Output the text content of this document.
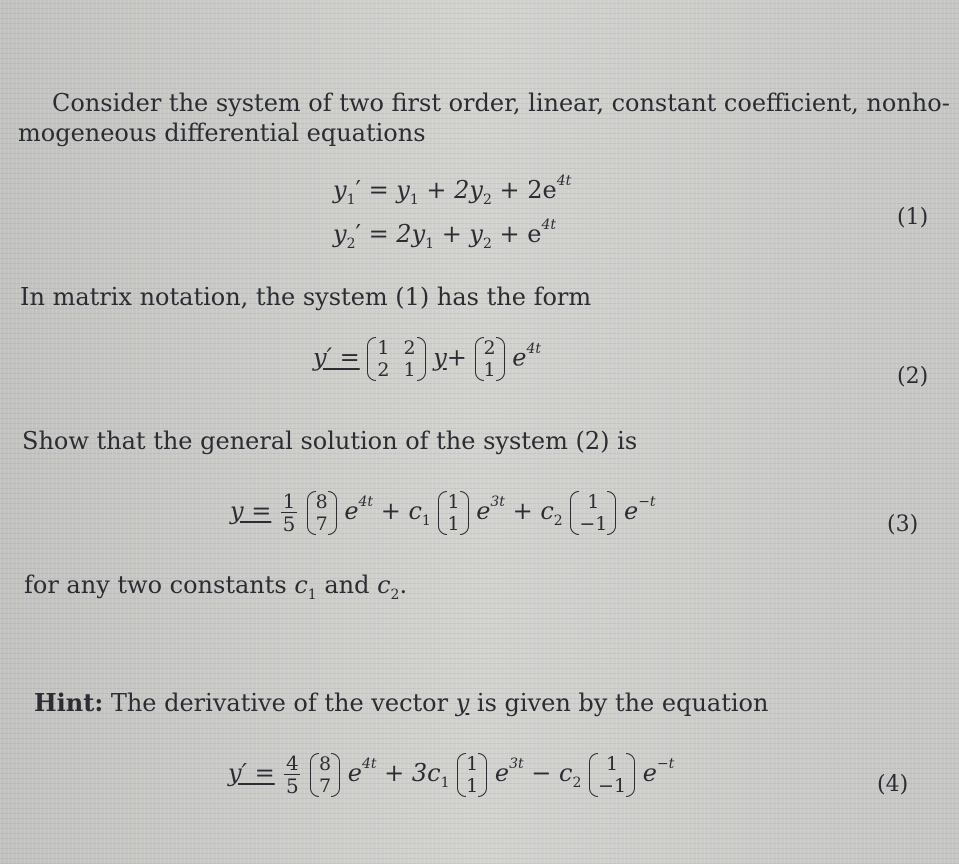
Consider the system of two first order, linear, constant coefficient, nonho-
mogeneous differential equations
$y_1' = y_1 + 2y_2 + 2e^{4t}$
$y_2' = 2y_1 + y_2 + e^{4t}$	(1)
In matrix notation, the system (1) has the form
y′ = 1 2
2 1 y+ 2
1 $e^{4t}$
(2)
Show that the general solution of the system (2) is
$y = \frac{1}{5}$
8
7 $e^{4t} + c_1$
1
1 $e^{3t} + c_2$
1
−1 $e^{-t}$
(3)
for any two constants $c_1$ and $c_2$.
Hint: The derivative of the vector y is given by the equation
$y' = \frac{4}{5}$
8
7 $e^{4t} + 3c_1$
1
1 $e^{3t} - c_2$
1
−1 $e^{-t}$
(4)
